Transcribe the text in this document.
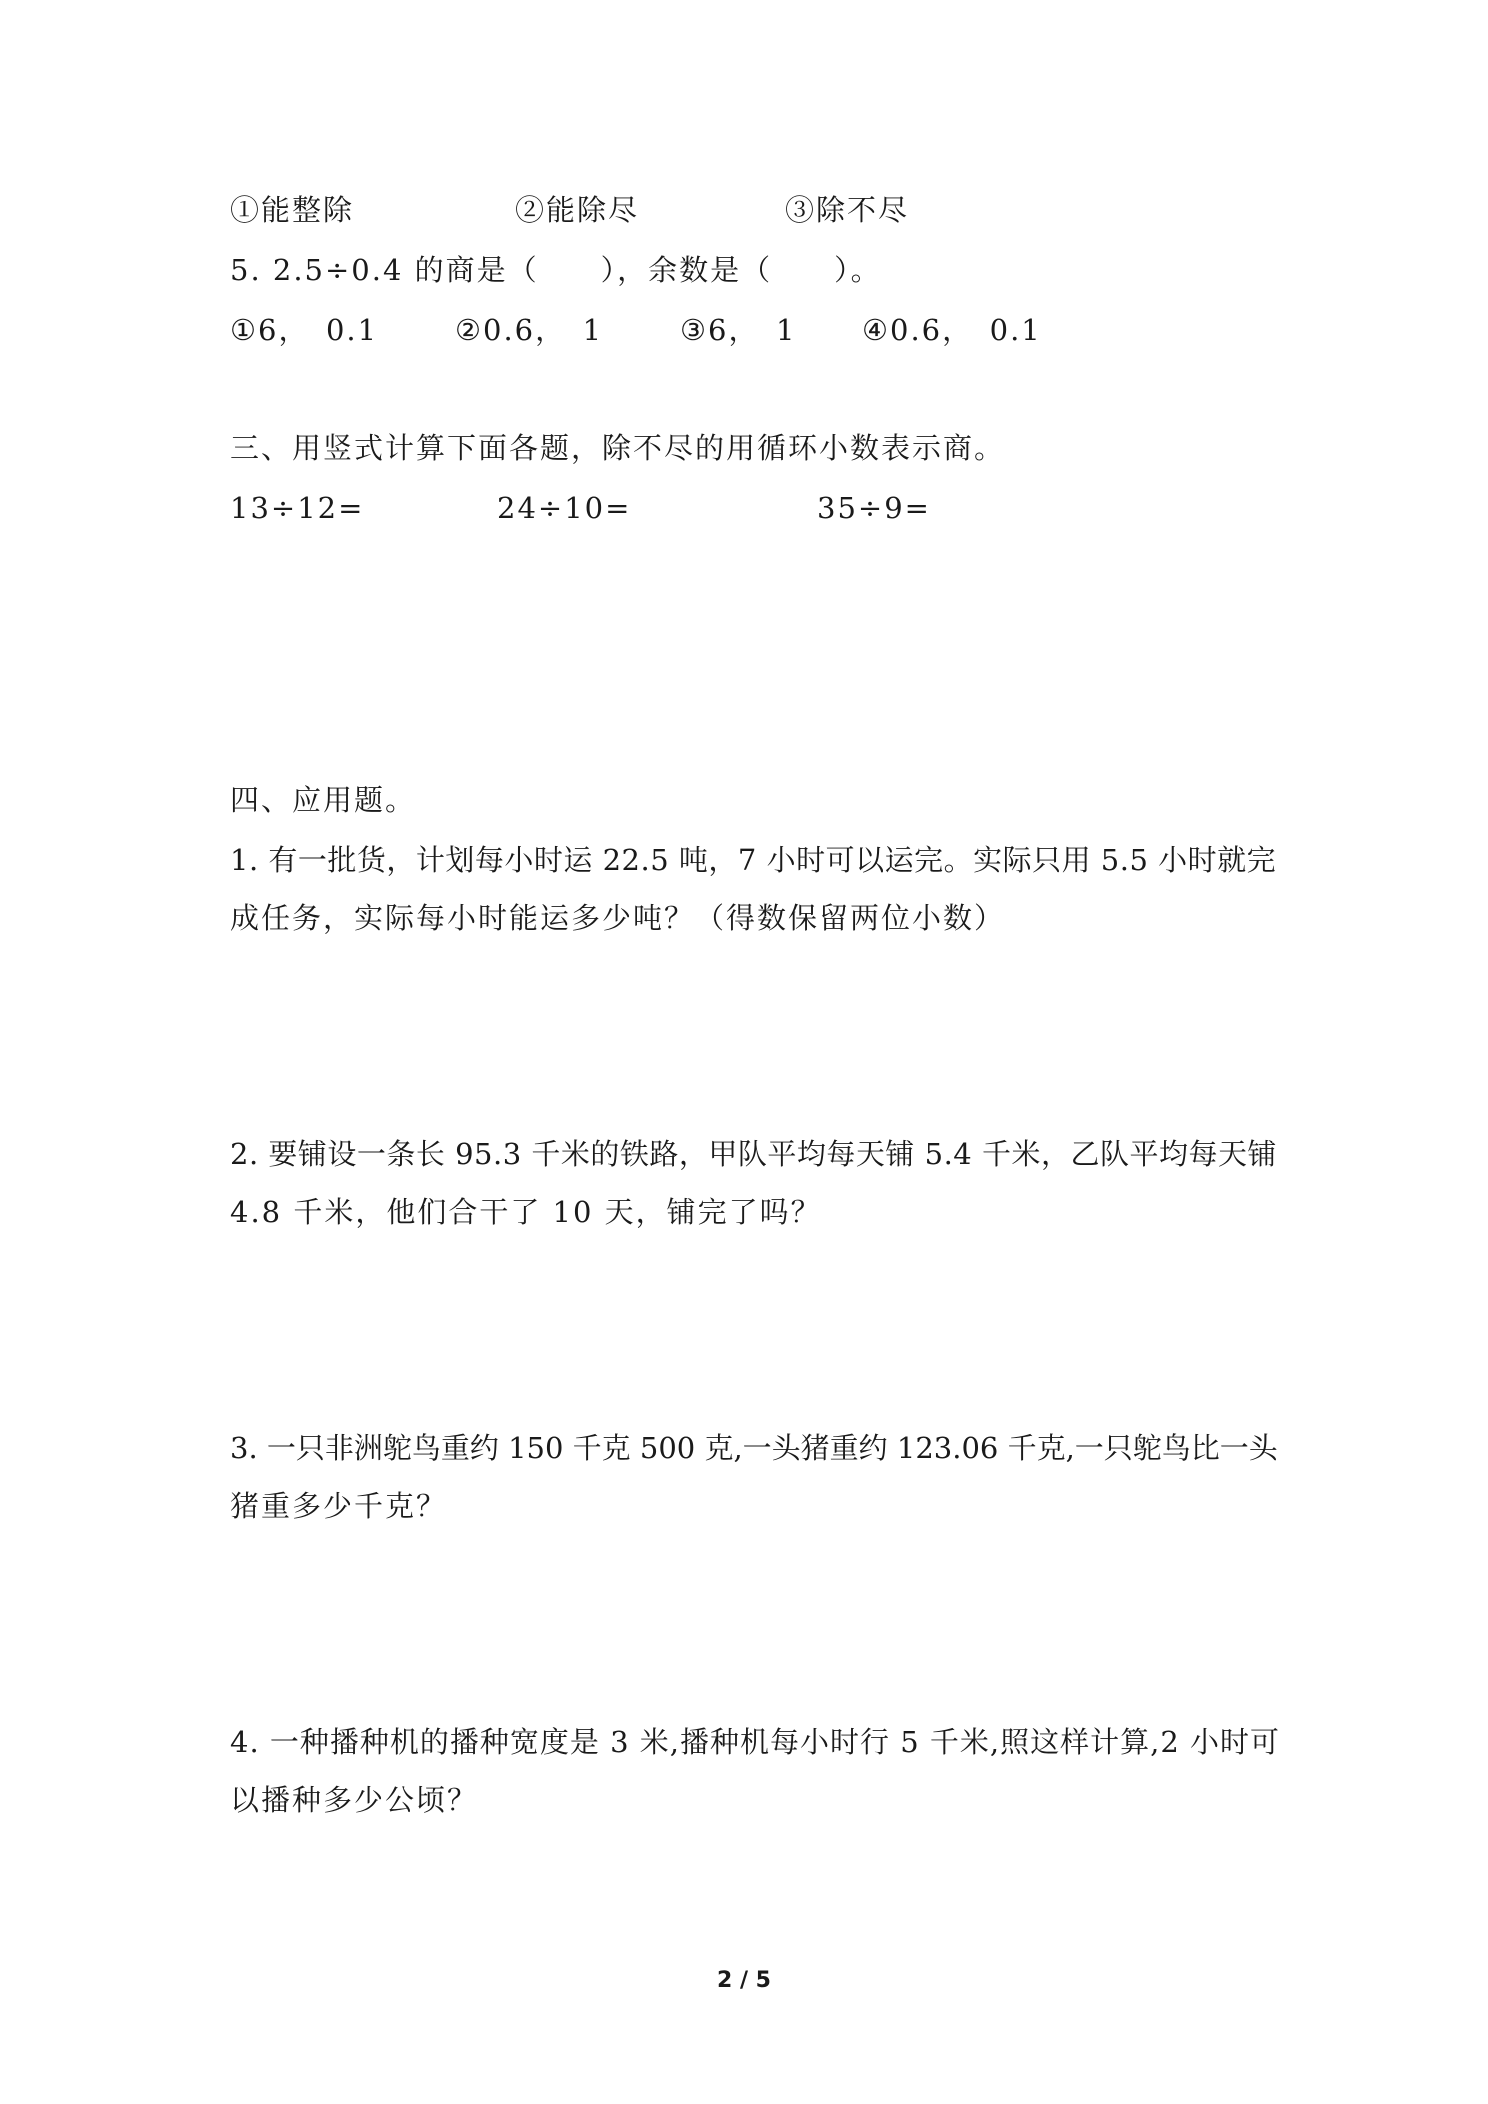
①能整除	②能除尽	③除不尽
5. 2.5÷0.4 的商是（　　），余数是（　　）。
①6，　0.1	②0.6，　1	③6，　1 ④0.6，　0.1
三、用竖式计算下面各题，除不尽的用循环小数表示商。
13÷12=	24÷10=	35÷9=
四、应用题。
1. 有一批货，计划每小时运 22.5 吨，7 小时可以运完。实际只用 5.5 小时就完
成任务，实际每小时能运多少吨？（得数保留两位小数）
2. 要铺设一条长 95.3 千米的铁路，甲队平均每天铺 5.4 千米，乙队平均每天铺
4.8 千米，他们合干了 10 天，铺完了吗？
3. 一只非洲鸵鸟重约 150 千克 500 克,一头猪重约 123.06 千克,一只鸵鸟比一头
猪重多少千克？
4. 一种播种机的播种宽度是 3 米,播种机每小时行 5 千米,照这样计算,2 小时可
以播种多少公顷？
2 / 5
